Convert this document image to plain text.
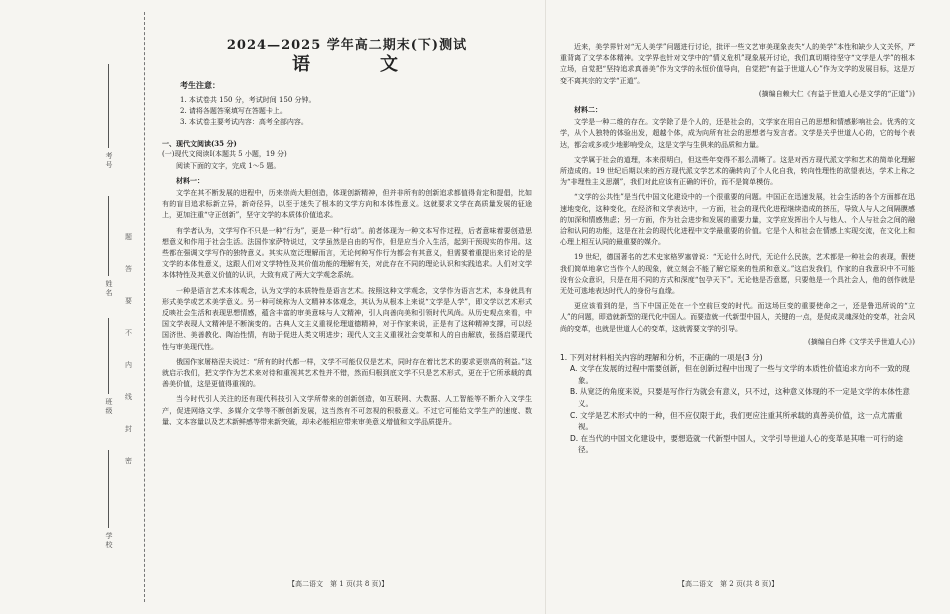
考号
姓名
班级
学校
题
答
要
不
内
线
封
密
2024—2025 学年高二期末(下)测试
语　文
考生注意：
1. 本试卷共 150 分，考试时间 150 分钟。
2. 请将各题答案填写在答题卡上。
3. 本试卷主要考试内容：高考全部内容。
一、现代文阅读(35 分)
(一)现代文阅读Ⅰ(本题共 5 小题，19 分)
阅读下面的文字，完成 1～5 题。
材料一：
文学在其不断发展的进程中，历来崇尚大胆创造，体现创新精神，但并非所有的创新追求都值得肯定和提倡，比如有的盲目追求标新立异，新奇径异，以至于迷失了根本的文学方向和本体性意义。这就要求文学在高质量发展的征途上，更加注重“守正创新”，坚守文学的本质体价值追求。
有学者认为，文学写作不只是一种“行为”，更是一种“行动”。前者体现为一种文本写作过程，后者意味着要创造思想意义和作用于社会生活。法国作家萨特说过，文学虽然是自由的写作，但是应当介入生活，起到干预现实的作用。这些都在强调文学写作的独特意义。其实从宽泛理解而言，无论何种写作行为都会有其意义，但需要着重提出来讨论的是文学的本体性意义，这跟人们对文学特性及其价值功能的理解有关，对此存在不同的理论认识和实践追求。人们对文学本体特性及其意义价值的认识，大致有成了两大文学观念系统。
一种是语言艺术本体观念，认为文学的本质特性是语言艺术。按照这种文学观念，文学作为语言艺术，本身就具有形式美学或艺术美学意义。另一种可统称为人文精神本体观念，其认为从根本上来说“文学是人学”，即文学以艺术形式反映社会生活和表现思想情感，蕴含丰富的审美意味与人文精神，引人向善向美和引领时代风尚。从历史观点来看，中国文学表现人文精神是不断演变的。古典人文主义重视伦理道德精神，对于作家来说，正是有了这种精神支撑，可以经国济世、美善教化、陶冶性情，有助于促进人类文明进步；现代人文主义重视社会变革和人的自由解放，张扬启蒙现代性与审美现代性。
俄国作家屠格涅夫说过：“所有的时代都一样，文学不可能仅仅是艺术，同时存在着比艺术的要求更崇高的利益。”这就启示我们，把文学作为艺术来对待和重视其艺术性并不错，然而归根到底文学不只是艺术形式，更在于它所承载的真善美价值，这是更值得重视的。
当今时代引人关注的还有现代科技引入文学所带来的创新创造，如互联网、大数据、人工智能等不断介入文学生产，促进网络文学、多媒介文学等不断创新发展，这当然有不可忽视的积极意义。不过它可能给文学生产的速度、数量、文本容量以及艺术新鲜感等带来新突破，却未必能相应带来审美意义增值和文学品质提升。
【高二语文　第 1 页(共 8 页)】
近来，美学界针对“无人美学”问题进行讨论，批评一些文艺审美现象丧失“人的美学”本性和缺少人文关怀，严重背离了文学本体精神。文学界也针对文学中的“情义危机”现象展开讨论，我们真切期待坚守“文学是人学”的根本立场，自觉把“坚持追求真善美”作为文学的永恒价值导向，自觉把“有益于世道人心”作为文学的发展目标，这是万变不离其宗的文学“正道”。
(摘编自赖大仁《有益于世道人心是文学的“正道”》)
材料二：
文学是一种二维的存在。文学除了是个人的，还是社会的，文学家在用自己的思想和情感影响社会。优秀的文学，从个人独特的体验出发，超越个体，成为向所有社会的思想者与发言者。文学是关乎世道人心的，它的每个表达，都会或多或少地影响受众，这是文学与生俱来的品质和力量。
文学属于社会的道理，本来很明白，但这些年变得不那么清晰了。这是对西方现代派文学和艺术的简单化理解所造成的。19 世纪后期以来的西方现代派文学艺术的确转向了个人化自我，转向性理性的欲望表达，学术上称之为“非理性主义思潮”，我们对此应该有正确的评价，而不是简单模仿。
“文学的公共性”是当代中国文化建设中的一个很重要的问题。中国正在迅速发展，社会生活的各个方面都在迅速地变化，这种变化，在经济和文学表达中，一方面，社会的现代化进程继续造成的挤压，导致人与人之间隔膜感的加深和情感焦虑；另一方面，作为社会进步和发展的重要力量，文学应发挥出个人与他人、个人与社会之间的融洽和认同的功能，这是在社会的现代化进程中文学最重要的价值。它是个人和社会在情感上实现交流，在文化上和心理上相互认同的最重要的媒介。
19 世纪，德国著名的艺术史家格罗塞曾说：“无论什么时代，无论什么民族，艺术都是一种社会的表现，假使我们简单地拿它当作个人的现象，就立刻会不能了解它原来的性质和意义。”这启发我们，作家的自我意识中不可能没有公众意识，只是在用不同的方式和深度“包孕天下”。无论他是否意愿，只要他是一个具社会人，他的创作就是无处可逃地表达时代人的身份与血缘。
更应该看到的是，当下中国正处在一个空前巨变的时代。而这场巨变的重要使命之一，还是鲁迅所说的“立人”的问题，即造就新型的现代化中国人。而要造就一代新型中国人，关键的一点，是促成灵魂深处的变革，社会风尚的变革，也就是世道人心的变革，这就需要文学的引导。
(摘编自白烨《文学关乎世道人心》)
1. 下列对材料相关内容的理解和分析，不正确的一项是(3 分)
A. 文学在发展的过程中需要创新，但在创新过程中出现了一些与文学的本质性价值追求方向不一致的现象。
B. 从宽泛的角度来说，只要是写作行为就会有意义，只不过，这种意义体现的不一定是文学的本体性意义。
C. 文学是艺术形式中的一种，但不应仅限于此，我们更应注重其所承载的真善美价值，这一点尤需重视。
D. 在当代的中国文化建设中，要想造就一代新型中国人，文学引导世道人心的变革是其唯一可行的途径。
【高二语文　第 2 页(共 8 页)】
